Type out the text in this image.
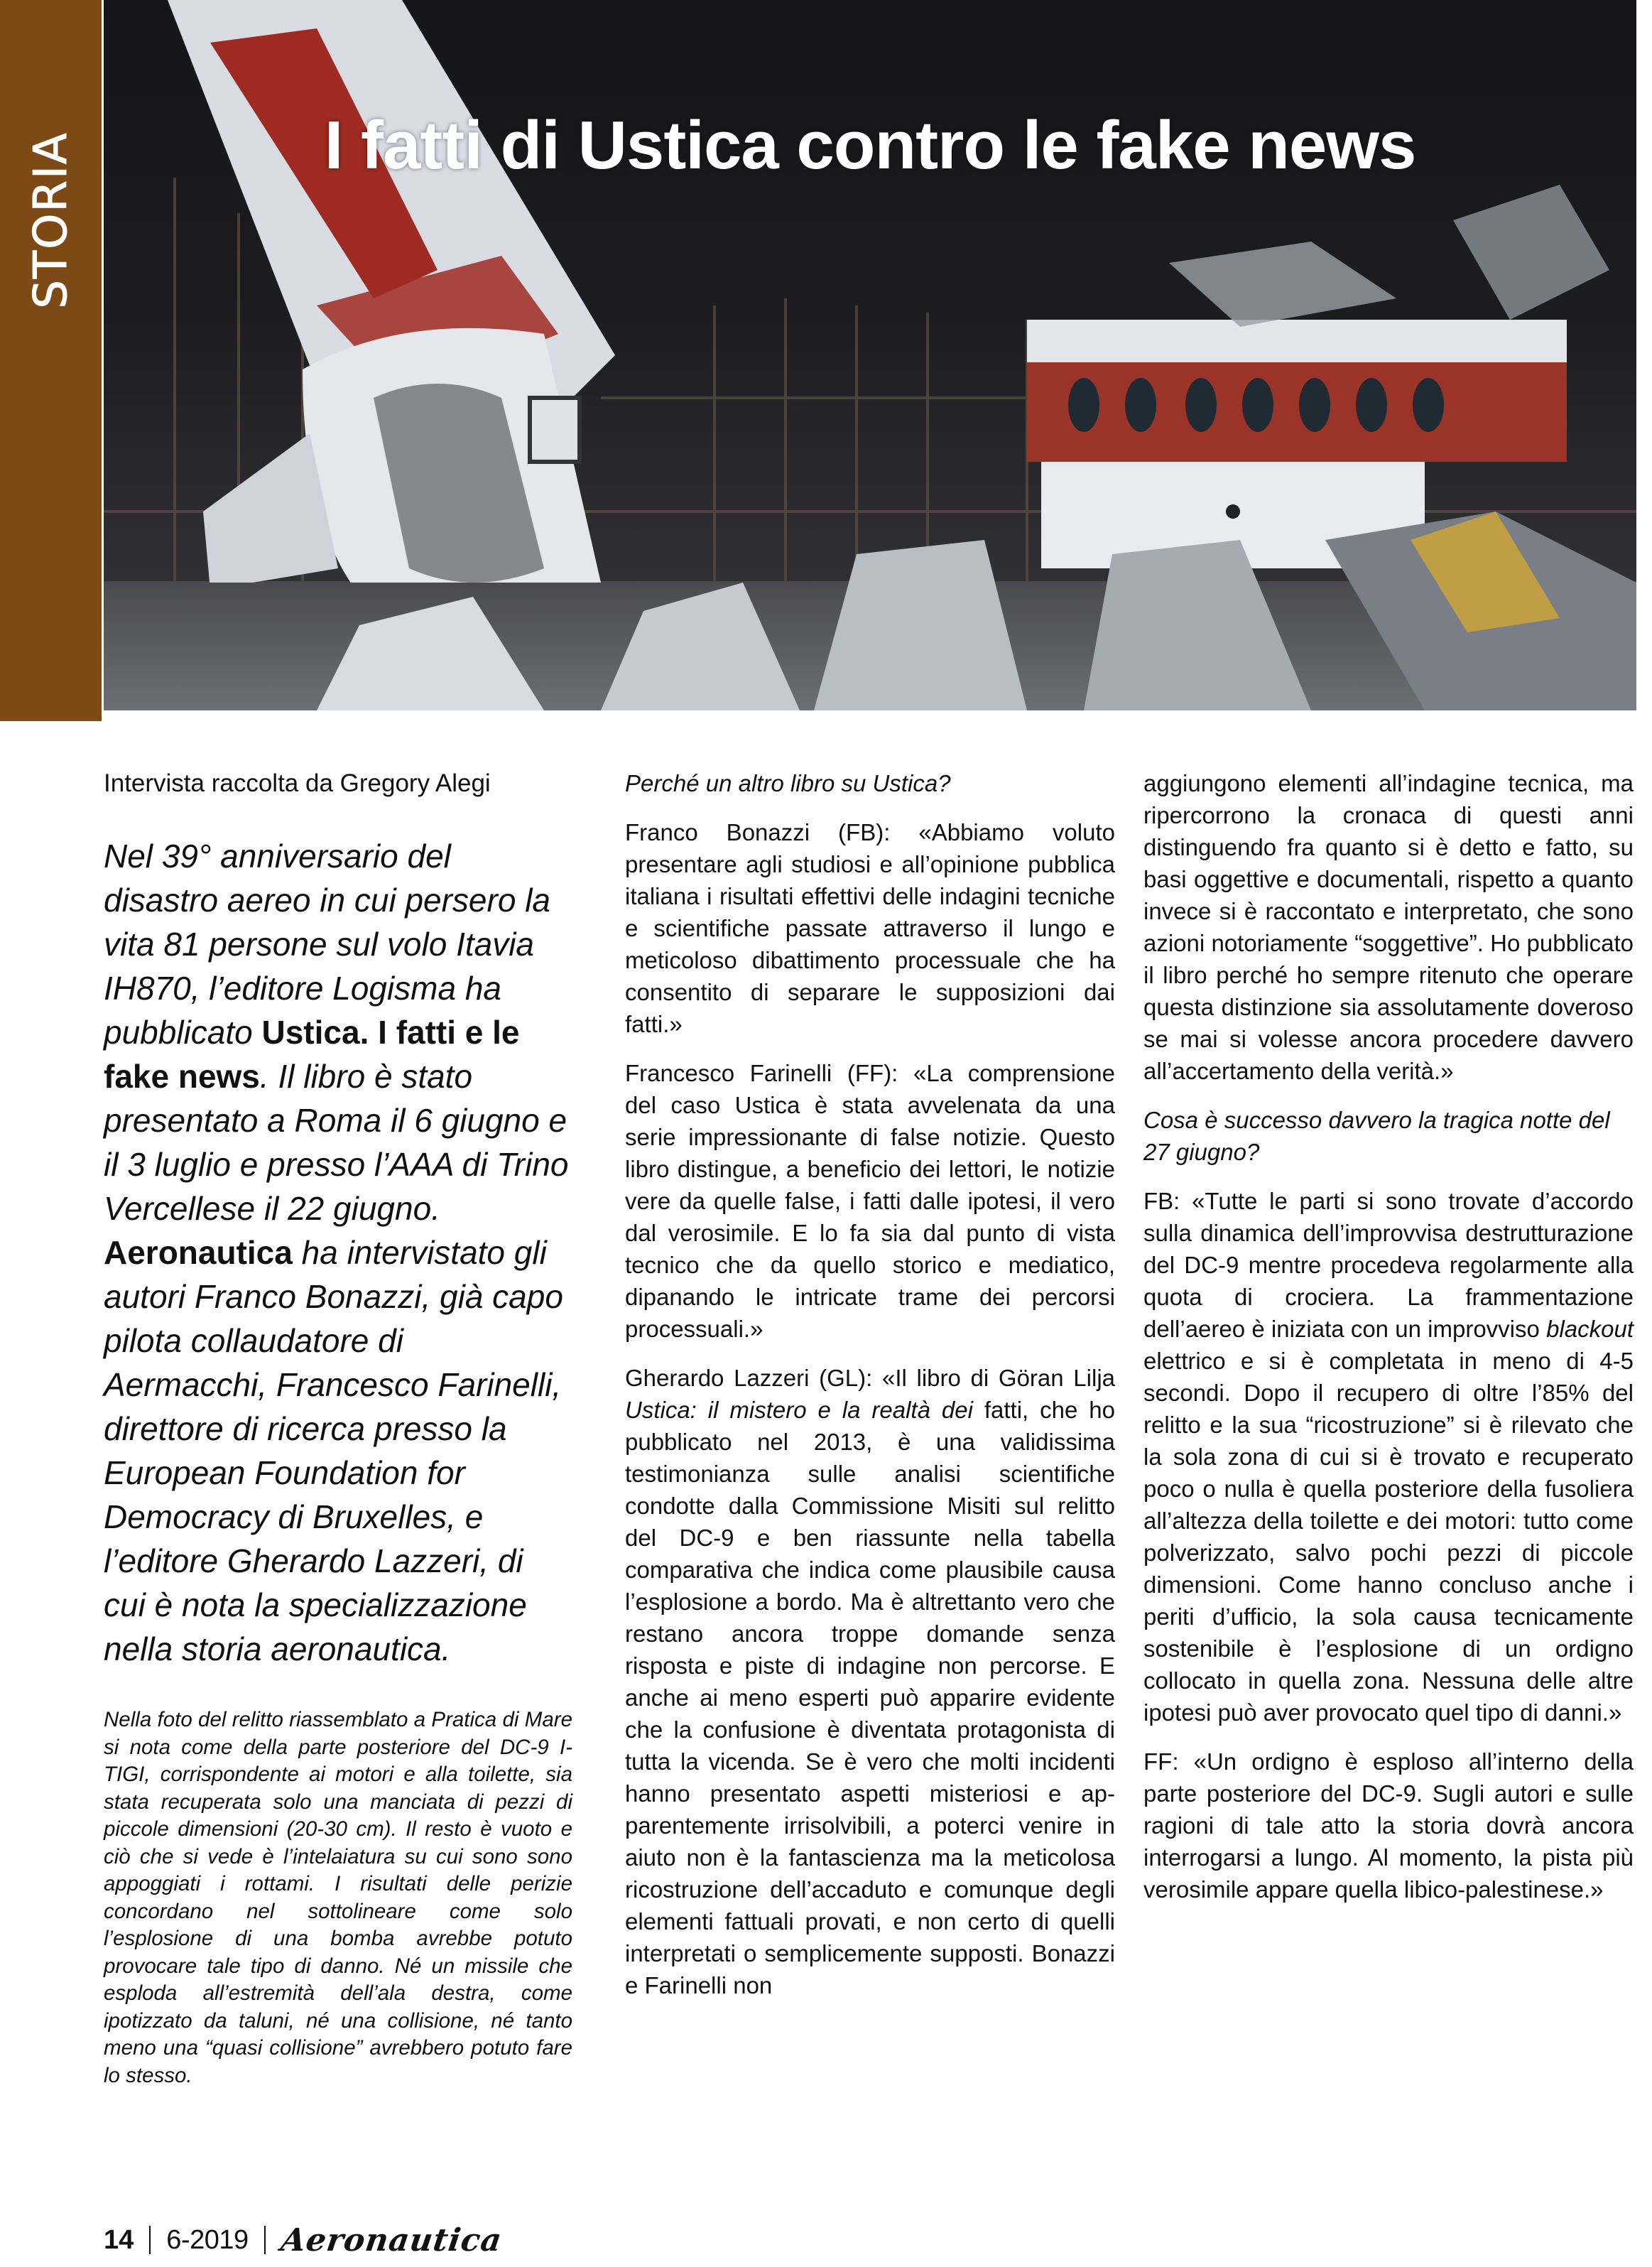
STORIA	I fatti di Ustica contro le fake news

Intervista raccolta da Gregory Alegi

Nel 39° anniversario del disastro aereo in cui persero la vita 81 persone sul volo Itavia IH870, l’editore Logisma ha pubblicato Ustica. I fatti e le fake news. Il libro è stato presentato a Roma il 6 giugno e il 3 luglio e presso l’AAA di Trino Vercellese il 22 giugno. Aeronautica ha intervistato gli autori Franco Bonazzi, già capo pilota collaudatore di Aermacchi, Francesco Farinelli, direttore di ricerca presso la European Foundation for Democracy di Bruxelles, e l’editore Gherardo Lazzeri, di cui è nota la specializzazione nella storia aeronautica.

Nella foto del relitto riassemblato a Pratica di Mare si nota come della parte posteriore del DC-9 I-TIGI, corrispondente ai motori e alla toilette, sia stata recuperata solo una manciata di pezzi di piccole dimensioni (20-30 cm). Il resto è vuoto e ciò che si vede è l’intelaiatura su cui sono sono appoggiati i rottami. I risultati delle perizie concordano nel sottolineare come solo l’esplosione di una bomba avrebbe potuto provocare tale tipo di danno. Né un missile che esploda all’estremità dell’ala destra, come ipotizzato da taluni, né una collisione, né tanto meno una “quasi collisione” avrebbero potuto fare lo stesso.

Perché un altro libro su Ustica?

Franco Bonazzi (FB): «Abbiamo voluto presentare agli studiosi e all’opinione pubblica italiana i risultati effettivi delle indagini tecniche e scientifiche passate attraverso il lungo e meticoloso dibattimento processuale che ha consentito di separare le supposizioni dai fatti.»

Francesco Farinelli (FF): «La comprensione del caso Ustica è stata avvelenata da una serie impressionante di false notizie. Questo libro distingue, a beneficio dei lettori, le notizie vere da quelle false, i fatti dalle ipotesi, il vero dal verosimile. E lo fa sia dal punto di vista tecnico che da quello storico e mediatico, dipanando le intricate trame dei percorsi processuali.»

Gherardo Lazzeri (GL): «Il libro di Göran Lilja Ustica: il mistero e la realtà dei fatti, che ho pubblicato nel 2013, è una validissima testimonianza sulle analisi scientifiche condotte dalla Commissione Misiti sul relitto del DC-9 e ben riassunte nella tabella comparativa che indica come plausibile causa l’esplosione a bordo. Ma è altrettanto vero che restano ancora troppe domande senza risposta e piste di indagine non percorse. E anche ai meno esperti può apparire evidente che la confusione è diventata protagonista di tutta la vicenda. Se è vero che molti incidenti hanno presentato aspetti misteriosi e apparentemente irrisolvibili, a poterci venire in aiuto non è la fantascienza ma la meticolosa ricostruzione dell’accaduto e comunque degli elementi fattuali provati, e non certo di quelli interpretati o semplicemente supposti. Bonazzi e Farinelli non

aggiungono elementi all’indagine tecnica, ma ripercorrono la cronaca di questi anni distinguendo fra quanto si è detto e fatto, su basi oggettive e documentali, rispetto a quanto invece si è raccontato e interpretato, che sono azioni notoriamente “soggettive”. Ho pubblicato il libro perché ho sempre ritenuto che operare questa distinzione sia assolutamente doveroso se mai si volesse ancora procedere davvero all’accertamento della verità.»

Cosa è successo davvero la tragica notte del 27 giugno?

FB: «Tutte le parti si sono trovate d’accordo sulla dinamica dell’improvvisa destrutturazione del DC-9 mentre procedeva regolarmente alla quota di crociera. La frammentazione dell’aereo è iniziata con un improvviso blackout elettrico e si è completata in meno di 4-5 secondi. Dopo il recupero di oltre l’85% del relitto e la sua “ricostruzione” si è rilevato che la sola zona di cui si è trovato e recuperato poco o nulla è quella posteriore della fusoliera all’altezza della toilette e dei motori: tutto come polverizzato, salvo pochi pezzi di piccole dimensioni. Come hanno concluso anche i periti d’ufficio, la sola causa tecnicamente sostenibile è l’esplosione di un ordigno collocato in quella zona. Nessuna delle altre ipotesi può aver provocato quel tipo di danni.»

FF: «Un ordigno è esploso all’interno della parte posteriore del DC-9. Sugli autori e sulle ragioni di tale atto la storia dovrà ancora interrogarsi a lungo. Al momento, la pista più verosimile appare quella libico-palestinese.»

14 6-2019 Aeronautica
